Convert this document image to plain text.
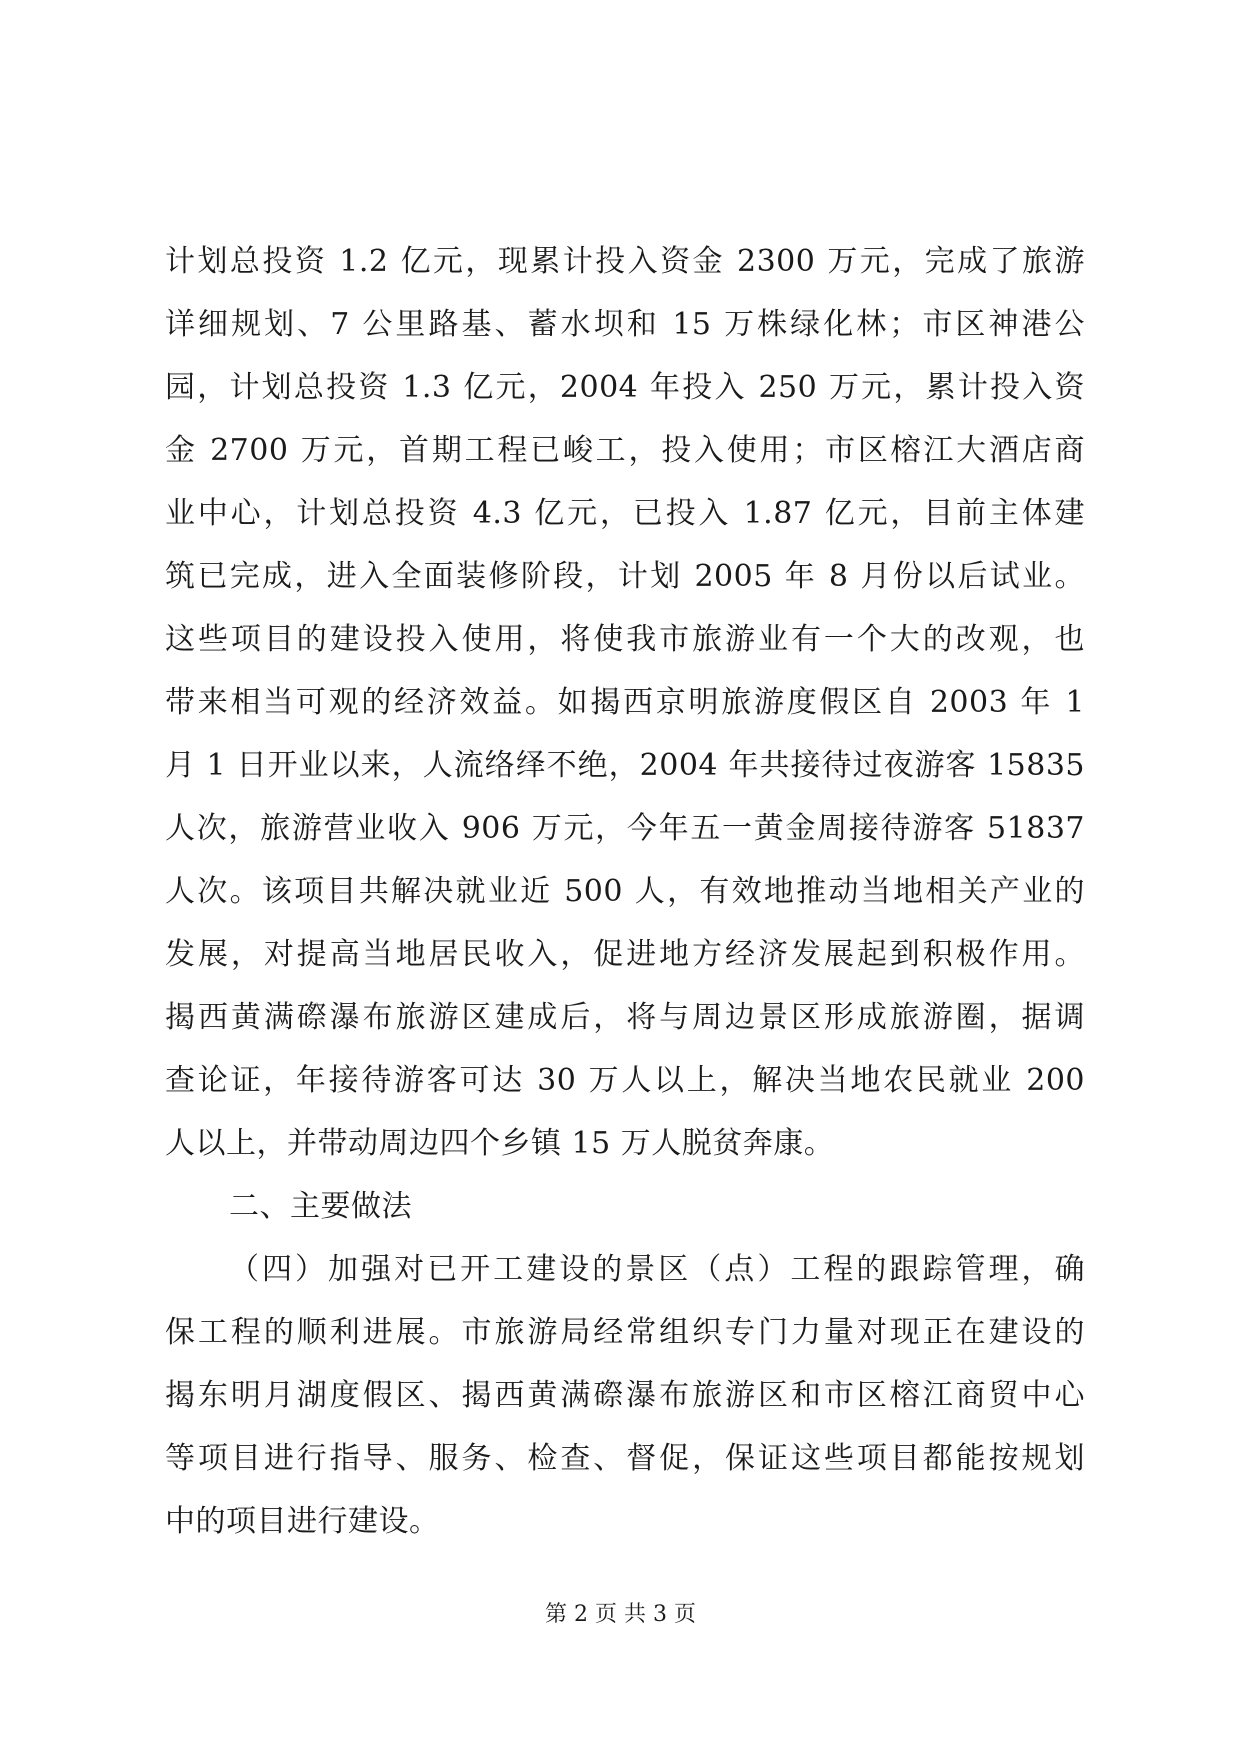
计划总投资 1.2 亿元，现累计投入资金 2300 万元，完成了旅游
详细规划、7 公里路基、蓄水坝和 15 万株绿化林；市区神港公
园，计划总投资 1.3 亿元，2004 年投入 250 万元，累计投入资
金 2700 万元，首期工程已峻工，投入使用；市区榕江大酒店商
业中心，计划总投资 4.3 亿元，已投入 1.87 亿元，目前主体建
筑已完成，进入全面装修阶段，计划 2005 年 8 月份以后试业。
这些项目的建设投入使用，将使我市旅游业有一个大的改观，也
带来相当可观的经济效益。如揭西京明旅游度假区自 2003 年 1
月 1 日开业以来，人流络绎不绝，2004 年共接待过夜游客 15835
人次，旅游营业收入 906 万元，今年五一黄金周接待游客 51837
人次。该项目共解决就业近 500 人，有效地推动当地相关产业的
发展，对提高当地居民收入，促进地方经济发展起到积极作用。
揭西黄满磜瀑布旅游区建成后，将与周边景区形成旅游圈，据调
查论证，年接待游客可达 30 万人以上，解决当地农民就业 200
人以上，并带动周边四个乡镇 15 万人脱贫奔康。
二、主要做法
（四）加强对已开工建设的景区（点）工程的跟踪管理，确
保工程的顺利进展。市旅游局经常组织专门力量对现正在建设的
揭东明月湖度假区、揭西黄满磜瀑布旅游区和市区榕江商贸中心
等项目进行指导、服务、检查、督促，保证这些项目都能按规划
中的项目进行建设。
第 2 页 共 3 页
